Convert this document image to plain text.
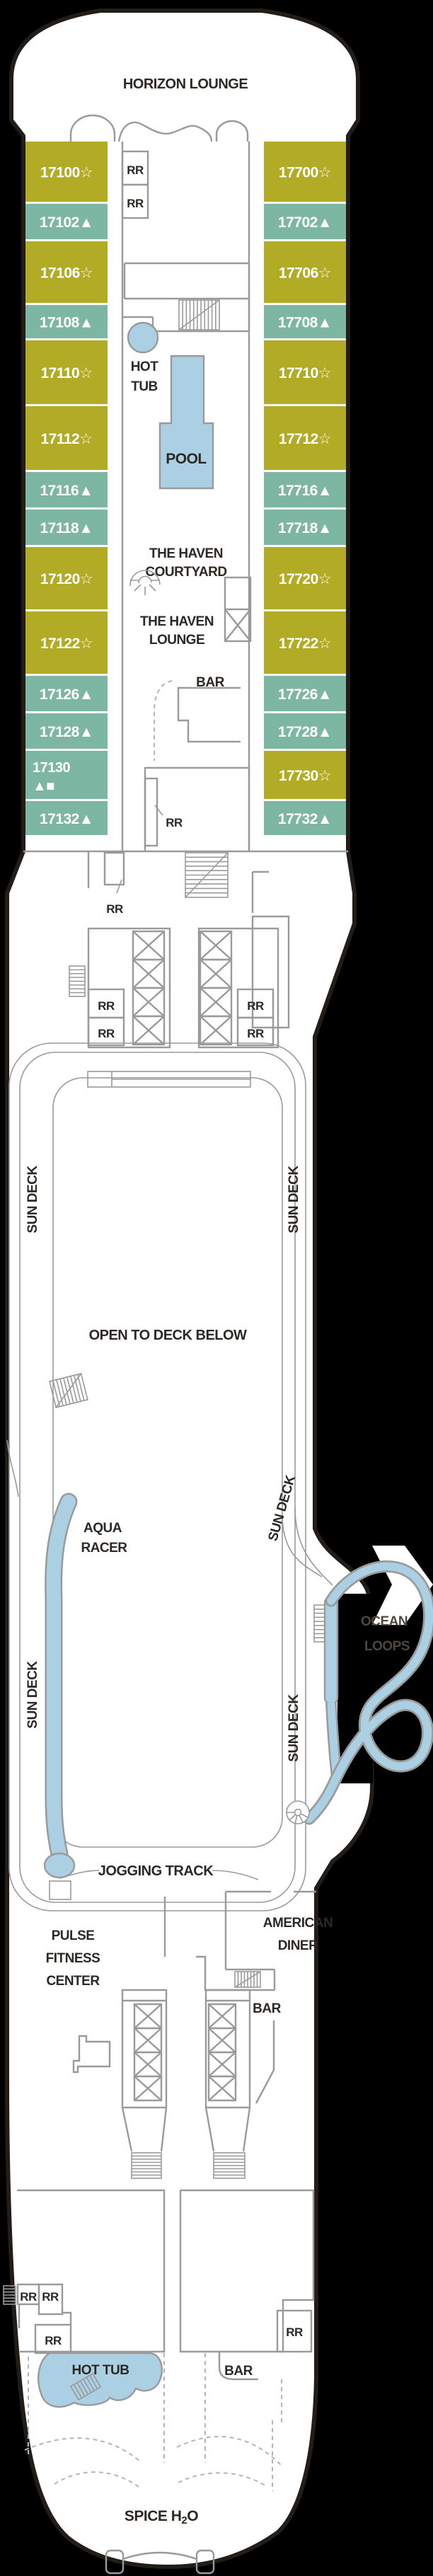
HORIZON LOUNGE
RR
RR
HOT
TUB
POOL
THE HAVEN
COURTYARD
THE HAVEN
LOUNGE
BAR
RR
RR
RR
RR
RR
RR
SUN DECK	SUN DECK
OPEN TO DECK BELOW
JOGGING TRACK
AQUA
RACER
SUN DECK
SUN DECK
SUN DECK
OCEAN
LOOPS
PULSE
FITNESS
CENTER
AMERICAN
DINER
BAR
RR RR
RR
RR
HOT TUB	BAR
SPICE H2O
17100☆
17102▲
17106☆
17108▲
17110☆
17112☆
17116▲
17118▲
17120☆
17122☆
17126▲
17128▲
17130
▲■
17132▲
17700☆
17702▲
17706☆
17708▲
17710☆
17712☆
17716▲
17718▲
17720☆
17722☆
17726▲
17728▲
17730☆
17732▲
